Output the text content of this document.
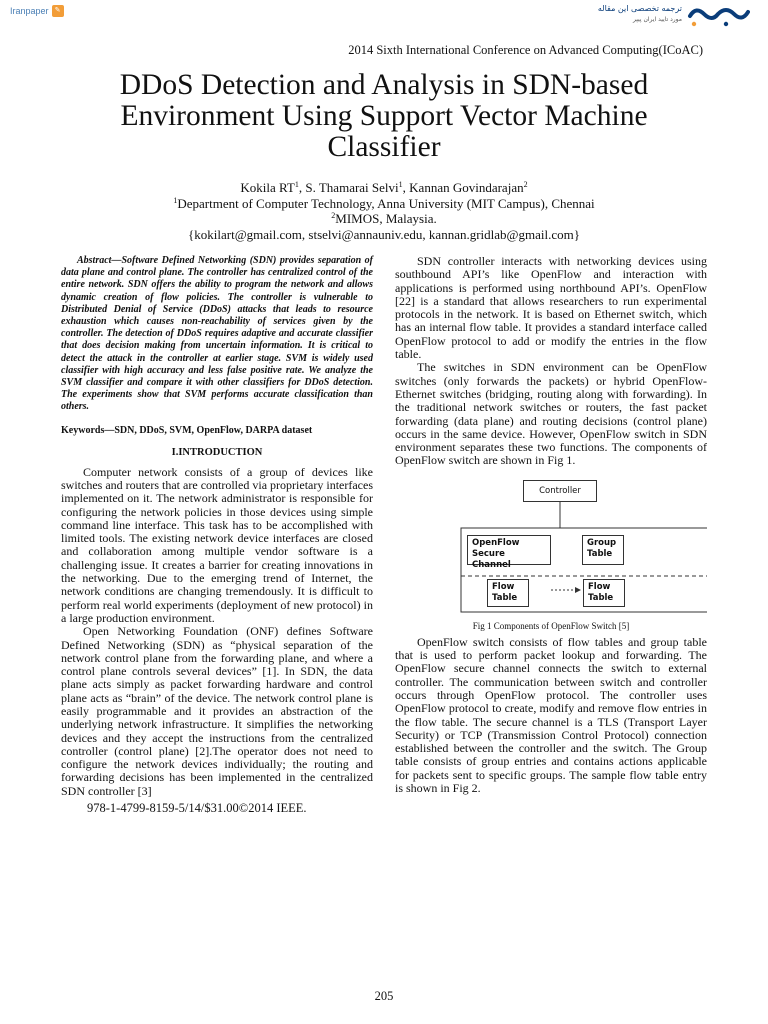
Iranpaper ✎	ترجمه تخصصی این مقاله
مورد تایید ایران پیپر
2014 Sixth International Conference on Advanced Computing(ICoAC)
DDoS Detection and Analysis in SDN-based
Environment Using Support Vector Machine
Classifier
Kokila $RT^1$, S. Thamarai Selvi$^1$, Kannan Govindarajan$^2$
$^1$Department of Computer Technology, Anna University (MIT Campus), Chennai
$^2$MIMOS, Malaysia.
{kokilart@gmail.com, stselvi@annauniv.edu, kannan.gridlab@gmail.com}

Abstract—Software Defined Networking (SDN) provides separation of data plane and control plane. The controller has centralized control of the entire network. SDN offers the ability to program the network and allows dynamic creation of flow policies. The controller is vulnerable to Distributed Denial of Service (DDoS) attacks that leads to resource exhaustion which causes non-reachability of services given by the controller. The detection of DDoS requires adaptive and accurate classifier that does decision making from uncertain information. It is critical to detect the attack in the controller at earlier stage. SVM is widely used classifier with high accuracy and less false positive rate. We analyze the SVM classifier and compare it with other classifiers for DDoS detection. The experiments show that SVM performs accurate classification than others.

Keywords—SDN, DDoS, SVM, OpenFlow, DARPA dataset

I.INTRODUCTION

Computer network consists of a group of devices like switches and routers that are controlled via proprietary interfaces implemented on it. The network administrator is responsible for configuring the network policies in those devices using simple command line interface. This task has to be accomplished with limited tools. The existing network device interfaces are closed and collaboration among multiple vendor software is a challenging issue. It creates a barrier for creating innovations in the networking. Due to the emerging trend of Internet, the network conditions are changing tremendously. It is difficult to perform real world experiments (deployment of new protocol) in a large production environment.

Open Networking Foundation (ONF) defines Software Defined Networking (SDN) as “physical separation of the network control plane from the forwarding plane, and where a control plane controls several devices” [1]. In SDN, the data plane acts simply as packet forwarding hardware and control plane acts as “brain” of the device. The network control plane is easily programmable and it provides an abstraction of the underlying network infrastructure. It simplifies the networking devices and they accept the instructions from the centralized controller (control plane) [2].The operator does not need to configure the network devices individually; the routing and forwarding decisions has been implemented in the centralized SDN controller [3]

978-1-4799-8159-5/14/$31.00©2014 IEEE.

SDN controller interacts with networking devices using southbound API’s like OpenFlow and interaction with applications is performed using northbound API’s. OpenFlow [22] is a standard that allows researchers to run experimental protocols in the network. It is based on Ethernet switch, which has an internal flow table. It provides a standard interface called OpenFlow protocol to add or modify the entries in the flow table.

The switches in SDN environment can be OpenFlow switches (only forwards the packets) or hybrid OpenFlow-Ethernet switches (bridging, routing along with forwarding). In the traditional network switches or routers, the fast packet forwarding (data plane) and routing decisions (control plane) occurs in the same device. However, OpenFlow switch in SDN environment separates these two functions. The components of OpenFlow switch are shown in Fig 1.

Controller
OpenFlow
Secure Channel
Group
Table
Flow
Table
Flow
Table
Fig 1 Components of OpenFlow Switch [5]

OpenFlow switch consists of flow tables and group table that is used to perform packet lookup and forwarding. The OpenFlow secure channel connects the switch to external controller. The communication between switch and controller occurs through OpenFlow protocol. The controller uses OpenFlow protocol to create, modify and remove flow entries in the flow table. The secure channel is a TLS (Transport Layer Security) or TCP (Transmission Control Protocol) connection established between the controller and the switch. The Group table consists of group entries and contains actions applicable for packets sent to specific groups. The sample flow table entry is shown in Fig 2.

205
